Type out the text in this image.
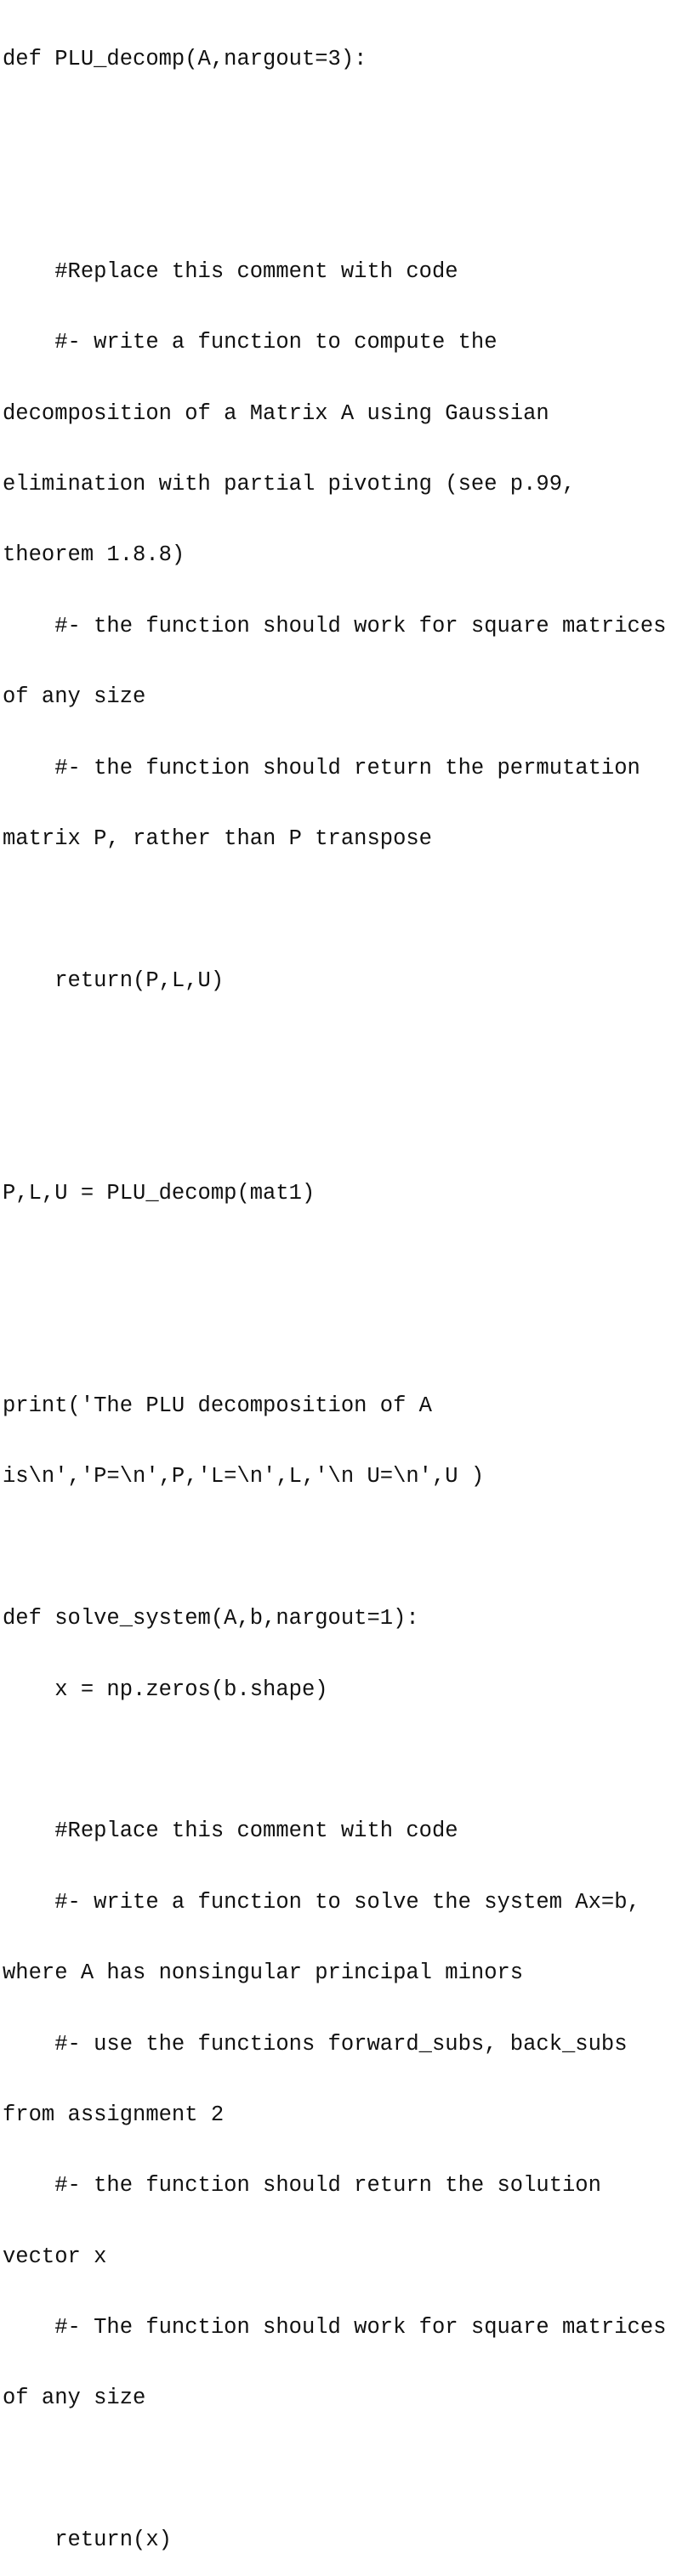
def PLU_decomp(A,nargout=3):

#Replace this comment with code

#- write a function to compute the

decomposition of a Matrix A using Gaussian

elimination with partial pivoting (see p.99,

theorem 1.8.8)

#- the function should work for square matrices

of any size

#- the function should return the permutation

matrix P, rather than P transpose

return(P,L,U)

P,L,U = PLU_decomp(mat1)

print('The PLU decomposition of A

is\n','P=\n',P,'L=\n',L,'\n U=\n',U )

def solve_system(A,b,nargout=1):

x = np.zeros(b.shape)

#Replace this comment with code

#- write a function to solve the system Ax=b,

where A has nonsingular principal minors

#- use the functions forward_subs, back_subs

from assignment 2

#- the function should return the solution

vector x

#- The function should work for square matrices

of any size

return(x)
